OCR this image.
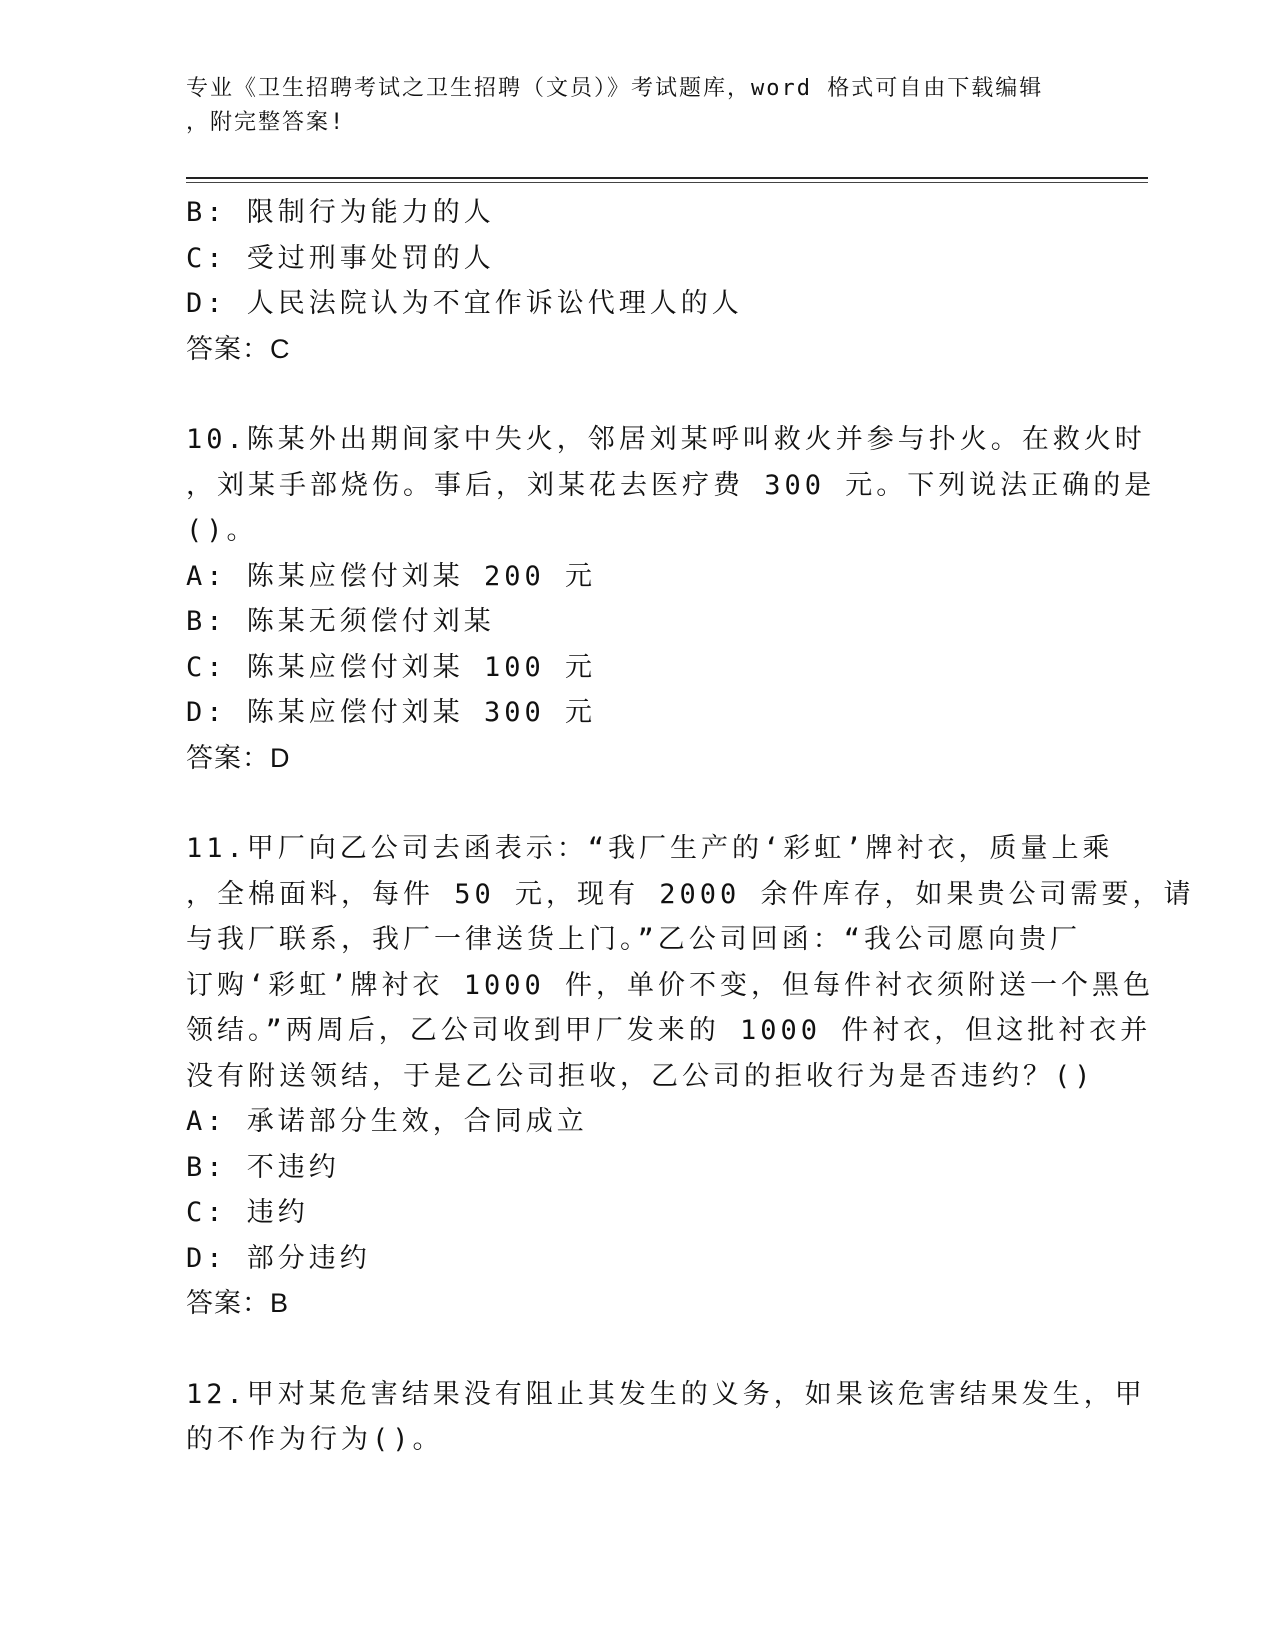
专业《卫生招聘考试之卫生招聘（文员）》考试题库，word 格式可自由下载编辑
，附完整答案!
B: 限制行为能力的人
C: 受过刑事处罚的人
D: 人民法院认为不宜作诉讼代理人的人
答案：C
10.陈某外出期间家中失火，邻居刘某呼叫救火并参与扑火。在救火时
，刘某手部烧伤。事后，刘某花去医疗费 300 元。下列说法正确的是
()。
A: 陈某应偿付刘某 200 元
B: 陈某无须偿付刘某
C: 陈某应偿付刘某 100 元
D: 陈某应偿付刘某 300 元
答案：D
11.甲厂向乙公司去函表示：“我厂生产的‘彩虹’牌衬衣，质量上乘
，全棉面料，每件 50 元，现有 2000 余件库存，如果贵公司需要，请
与我厂联系，我厂一律送货上门。”乙公司回函：“我公司愿向贵厂
订购‘彩虹’牌衬衣 1000 件，单价不变，但每件衬衣须附送一个黑色
领结。”两周后，乙公司收到甲厂发来的 1000 件衬衣，但这批衬衣并
没有附送领结，于是乙公司拒收，乙公司的拒收行为是否违约？()
A: 承诺部分生效，合同成立
B: 不违约
C: 违约
D: 部分违约
答案：B
12.甲对某危害结果没有阻止其发生的义务，如果该危害结果发生，甲
的不作为行为()。
